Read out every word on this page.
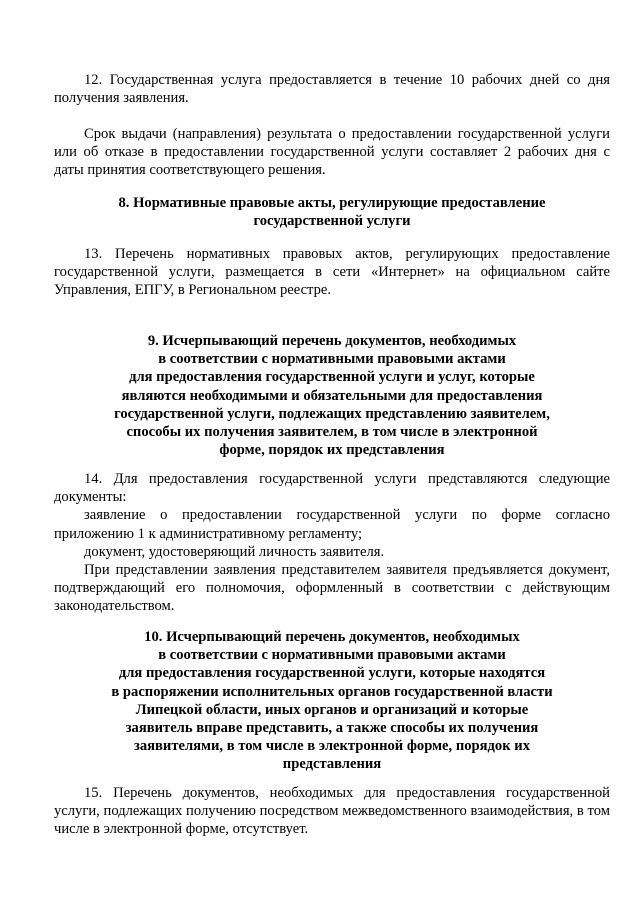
12. Государственная услуга предоставляется в течение 10 рабочих дней со дня получения заявления.

Срок выдачи (направления) результата о предоставлении государственной услуги или об отказе в предоставлении государственной услуги составляет 2 рабочих дня с даты принятия соответствующего решения.

8. Нормативные правовые акты, регулирующие предоставление
государственной услуги

13. Перечень нормативных правовых актов, регулирующих предоставление государственной услуги, размещается в сети «Интернет» на официальном сайте Управления, ЕПГУ, в Региональном реестре.

9. Исчерпывающий перечень документов, необходимых
в соответствии с нормативными правовыми актами
для предоставления государственной услуги и услуг, которые
являются необходимыми и обязательными для предоставления
государственной услуги, подлежащих представлению заявителем,
способы их получения заявителем, в том числе в электронной
форме, порядок их представления

14. Для предоставления государственной услуги представляются следующие документы:

заявление о предоставлении государственной услуги по форме согласно приложению 1 к административному регламенту;

документ, удостоверяющий личность заявителя.

При представлении заявления представителем заявителя предъявляется документ, подтверждающий его полномочия, оформленный в соответствии с действующим законодательством.

10. Исчерпывающий перечень документов, необходимых
в соответствии с нормативными правовыми актами
для предоставления государственной услуги, которые находятся
в распоряжении исполнительных органов государственной власти
Липецкой области, иных органов и организаций и которые
заявитель вправе представить, а также способы их получения
заявителями, в том числе в электронной форме, порядок их
представления

15. Перечень документов, необходимых для предоставления государственной услуги, подлежащих получению посредством межведомственного взаимодействия, в том числе в электронной форме, отсутствует.
